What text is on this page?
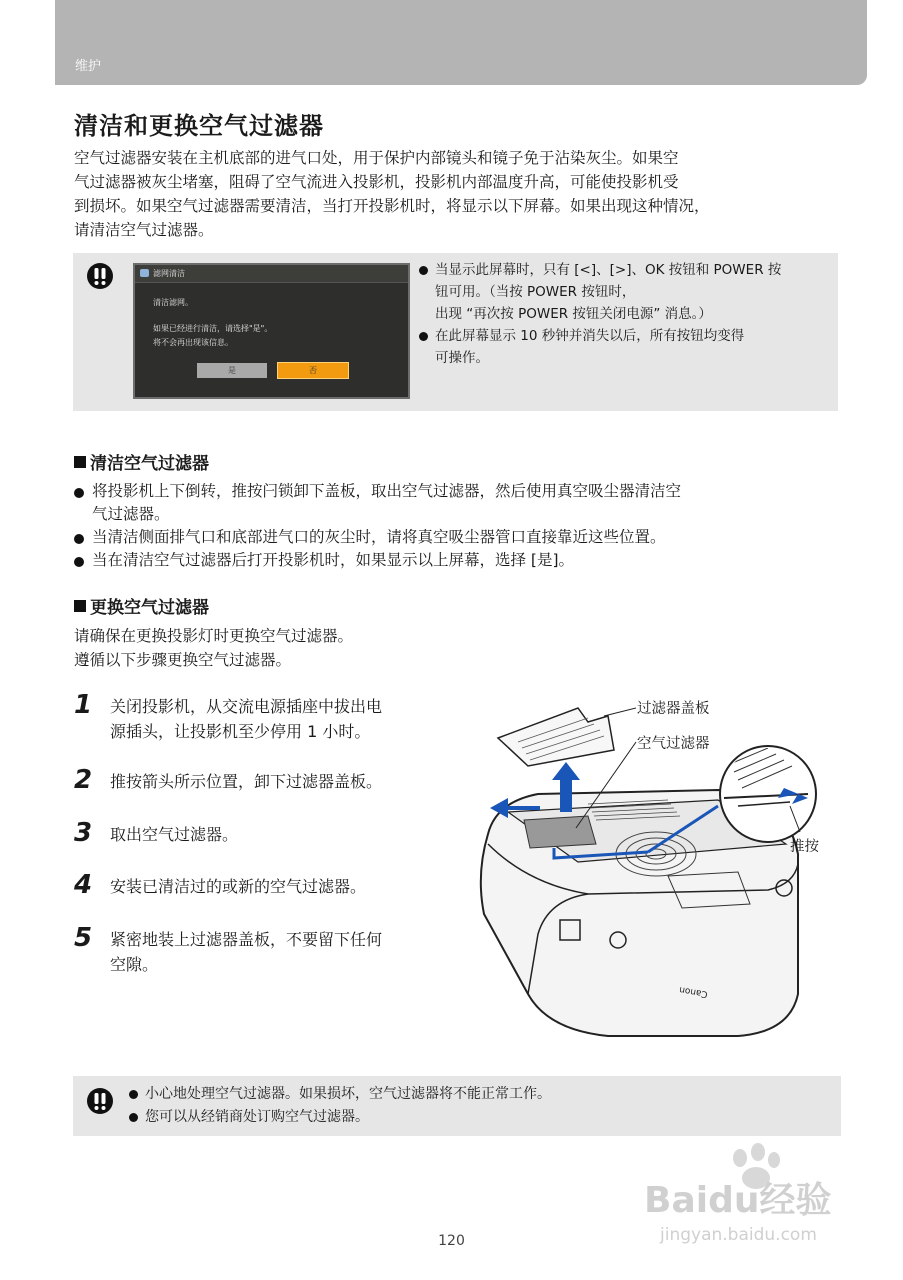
维护
清洁和更换空气过滤器
空气过滤器安装在主机底部的进气口处，用于保护内部镜头和镜子免于沾染灰尘。如果空
气过滤器被灰尘堵塞，阻碍了空气流进入投影机，投影机内部温度升高，可能使投影机受
到损坏。如果空气过滤器需要清洁，当打开投影机时，将显示以下屏幕。如果出现这种情况，
请清洁空气过滤器。
滤网清洁
清洁滤网。
如果已经进行清洁，请选择"是"。
将不会再出现该信息。
是	否
当显示此屏幕时，只有 [<]、[>]、OK 按钮和 POWER 按
钮可用。（当按 POWER 按钮时，
出现 “再次按 POWER 按钮关闭电源” 消息。）
在此屏幕显示 10 秒钟并消失以后，所有按钮均变得
可操作。
清洁空气过滤器
将投影机上下倒转，推按闩锁卸下盖板，取出空气过滤器，然后使用真空吸尘器清洁空
气过滤器。
当清洁侧面排气口和底部进气口的灰尘时，请将真空吸尘器管口直接靠近这些位置。
当在清洁空气过滤器后打开投影机时，如果显示以上屏幕，选择 [是]。
更换空气过滤器
请确保在更换投影灯时更换空气过滤器。
遵循以下步骤更换空气过滤器。
1 关闭投影机，从交流电源插座中拔出电
源插头，让投影机至少停用 1 小时。
2 推按箭头所示位置，卸下过滤器盖板。
3 取出空气过滤器。
4 安装已清洁过的或新的空气过滤器。
5 紧密地装上过滤器盖板，不要留下任何
空隙。
Canon
过滤器盖板
空气过滤器
推按
小心地处理空气过滤器。如果损坏，空气过滤器将不能正常工作。
您可以从经销商处订购空气过滤器。
Baidu经验
jingyan.baidu.com
120
